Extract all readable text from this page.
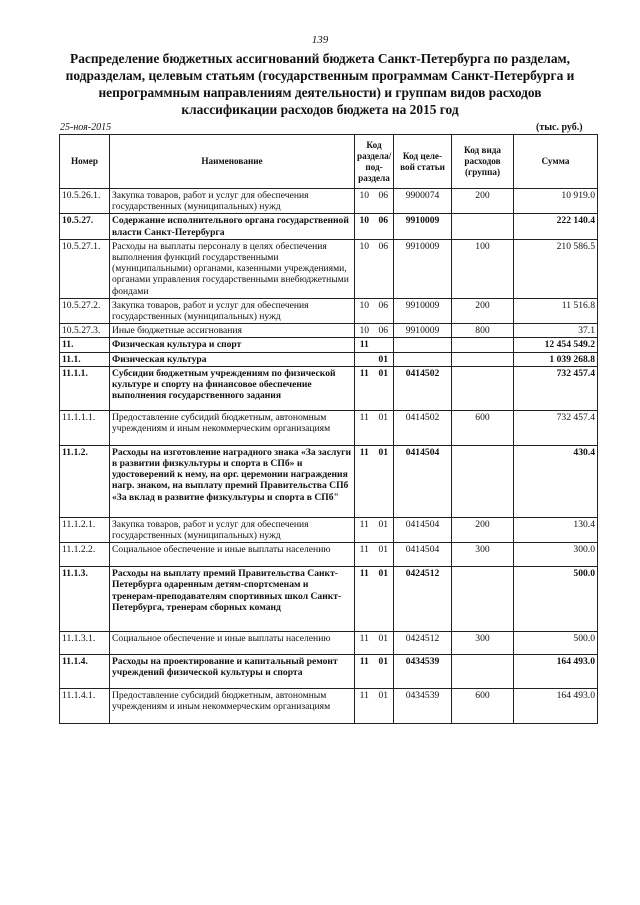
139
Распределение бюджетных ассигнований бюджета Санкт-Петербурга по разделам, подразделам, целевым статьям (государственным программам Санкт-Петербурга и непрограммным направлениям деятельности) и группам видов расходов классификации расходов бюджета на 2015 год
25-ноя-2015	(тыс. руб.)
Номер	Наименование	Код раздела/ под-раздела		Код целе-вой статьи	Код вида расходов (группа)	Сумма
10.5.26.1.	Закупка товаров, работ и услуг для обеспечения государственных (муниципальных) нужд	10	06	9900074	200	10 919.0
10.5.27.	Содержание исполнительного органа государственной власти Санкт-Петербурга	10	06	9910009		222 140.4
10.5.27.1.	Расходы на выплаты персоналу в целях обеспечения выполнения функций государственными (муниципальными) органами, казенными учреждениями, органами управления государственными внебюджетными фондами	10	06	9910009	100	210 586.5
10.5.27.2.	Закупка товаров, работ и услуг для обеспечения государственных (муниципальных) нужд	10	06	9910009	200	11 516.8
10.5.27.3.	Иные бюджетные ассигнования	10	06	9910009	800	37.1
11.	Физическая культура и спорт	11				12 454 549.2
11.1.	Физическая культура		01			1 039 268.8
11.1.1.	Субсидии бюджетным учреждениям по физической культуре и спорту на финансовое обеспечение выполнения государственного задания	11	01	0414502		732 457.4
11.1.1.1.	Предоставление субсидий бюджетным, автономным учреждениям и иным некоммерческим организациям	11	01	0414502	600	732 457.4
11.1.2.	Расходы на изготовление наградного знака «За заслуги в развитии физкультуры и спорта в СПб» и удостоверений к нему, на орг. церемонии награждения нагр. знаком, на выплату премий Правительства СПб «За вклад в развитие физкультуры и спорта в СПб"	11	01	0414504		430.4
11.1.2.1.	Закупка товаров, работ и услуг для обеспечения государственных (муниципальных) нужд	11	01	0414504	200	130.4
11.1.2.2.	Социальное обеспечение и иные выплаты населению	11	01	0414504	300	300.0
11.1.3.	Расходы на выплату премий Правительства Санкт-Петербурга одаренным детям-спортсменам и тренерам-преподавателям спортивных школ Санкт-Петербурга, тренерам сборных команд	11	01	0424512		500.0
11.1.3.1.	Социальное обеспечение и иные выплаты населению	11	01	0424512	300	500.0
11.1.4.	Расходы на проектирование и капитальный ремонт учреждений физической культуры и спорта	11	01	0434539		164 493.0
11.1.4.1.	Предоставление субсидий бюджетным, автономным учреждениям и иным некоммерческим организациям	11	01	0434539	600	164 493.0
